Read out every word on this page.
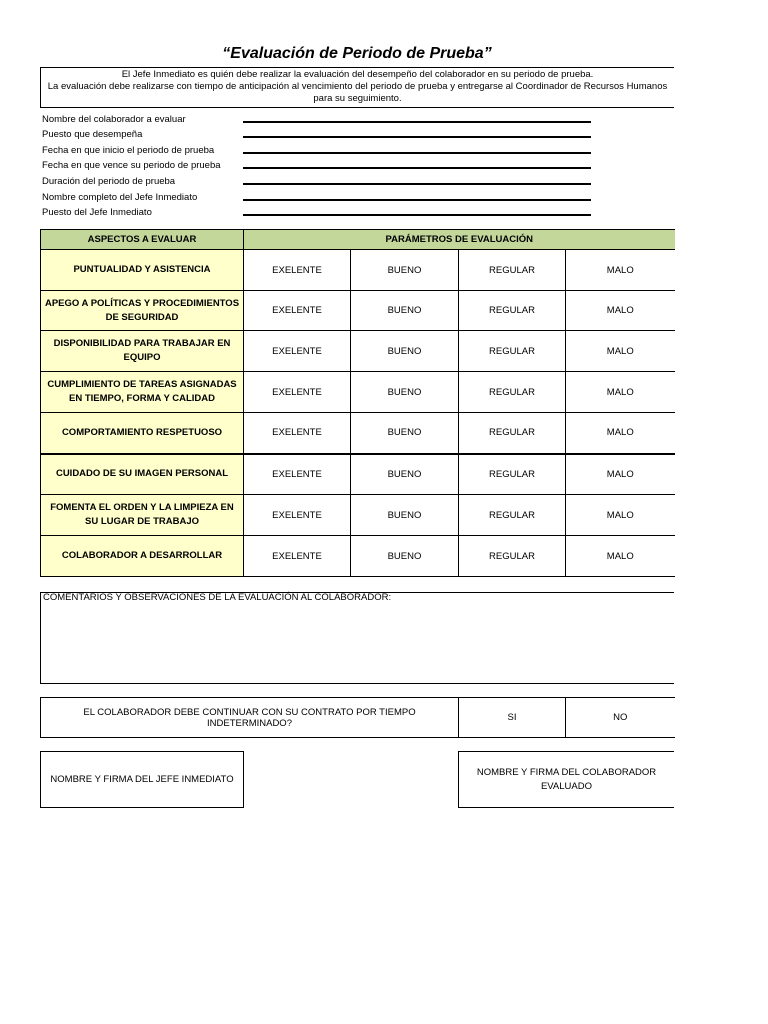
“Evaluación de Periodo de Prueba”
El Jefe Inmediato es quién debe realizar la evaluación del desempeño del colaborador en su periodo de prueba.
La evaluación debe realizarse con tiempo de anticipación al vencimiento del periodo de prueba y entregarse al Coordinador de Recursos Humanos
para su seguimiento.
Nombre del colaborador a evaluar
Puesto que desempeña
Fecha en que inicio el periodo de prueba
Fecha en que vence su periodo de prueba
Duración del periodo de prueba
Nombre completo del Jefe Inmediato
Puesto del Jefe Inmediato
ASPECTOS A EVALUAR	PARÁMETROS DE EVALUACIÓN			
PUNTUALIDAD Y ASISTENCIA	EXELENTE	BUENO	REGULAR	MALO
APEGO A POLÍTICAS Y PROCEDIMIENTOS DE SEGURIDAD	EXELENTE	BUENO	REGULAR	MALO
DISPONIBILIDAD PARA TRABAJAR EN EQUIPO	EXELENTE	BUENO	REGULAR	MALO
CUMPLIMIENTO DE TAREAS ASIGNADAS EN TIEMPO, FORMA Y CALIDAD	EXELENTE	BUENO	REGULAR	MALO
COMPORTAMIENTO RESPETUOSO	EXELENTE	BUENO	REGULAR	MALO
CUIDADO DE SU IMAGEN PERSONAL	EXELENTE	BUENO	REGULAR	MALO
FOMENTA EL ORDEN Y LA LIMPIEZA EN SU LUGAR DE TRABAJO	EXELENTE	BUENO	REGULAR	MALO
COLABORADOR A DESARROLLAR	EXELENTE	BUENO	REGULAR	MALO
COMENTARIOS Y OBSERVACIONES DE LA EVALUACIÓN AL COLABORADOR:
EL COLABORADOR DEBE CONTINUAR CON SU CONTRATO POR TIEMPO INDETERMINADO?	SI	NO
NOMBRE Y FIRMA DEL JEFE INMEDIATO
NOMBRE Y FIRMA DEL COLABORADOR EVALUADO
